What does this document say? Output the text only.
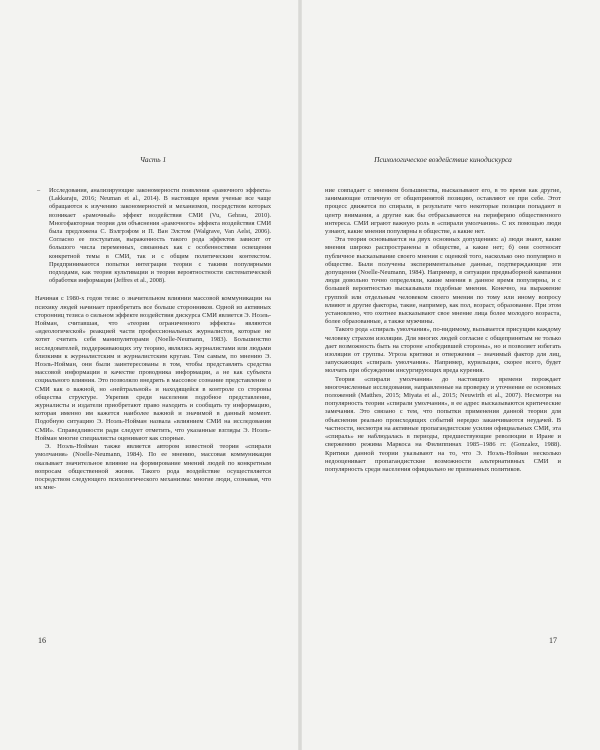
Часть 1
– Исследования, анализирующие закономерности появления «рамочного эффекта» (Lakkaraju, 2016; Neuman et al., 2014). В настоящее время ученые все чаще обращаются к изучению закономерностей и механизмов, посредством которых возникает «рамочный» эффект воздействия СМИ (Vu, Gehrau, 2010). Многофакторная теория для объяснения «рамочного» эффекта воздействия СМИ была предложена С. Вэлгрэфом и П. Ван Элстом (Walgrave, Van Aelst, 2006). Согласно ее постулатам, выраженность такого рода эффектов зависит от большого числа переменных, связанных как с особенностями освещения конкретной темы в СМИ, так и с общим политическим контекстом. Предпринимаются попытки интеграции теории с такими популярными подходами, как теория культивации и теория вероятностности систематической обработки информации (Jeffres et al., 2008).

Начиная с 1980-х годов тезис о значительном влиянии массовой коммуникации на психику людей начинает приобретать все больше сторонников. Одной из активных сторонниц тезиса о сильном эффекте воздействия дискурса СМИ является Э. Ноэль-Нойман, считавшая, что «теории ограниченного эффекта» являются «идеологической» реакцией части профессиональных журналистов, которые не хотят считать себя манипуляторами (Noelle-Neumann, 1983). Большинство исследователей, поддерживающих эту теорию, являлись журналистами или людьми близкими к журналистским и журналистским кругам. Тем самым, по мнению Э. Ноэль-Нойман, они были заинтересованы в том, чтобы представлять средства массовой информации в качестве проводника информации, а не как субъекта социального влияния. Это позволяло внедрять в массовое сознание представление о СМИ как о важной, но «нейтральной» и находящейся в контроле со стороны общества структуре. Укрепив среди населения подобное представление, журналисты и издатели приобретают право находить и сообщать ту информацию, которая именно им кажется наиболее важной и значимой в данный момент. Подобную ситуацию Э. Ноэль-Нойман назвала «влиянием СМИ на исследования СМИ». Справедливости ради следует отметить, что указанные взгляды Э. Ноэль-Нойман многие специалисты оценивают как спорные.

Э. Ноэль-Нойман также является автором известной теории «спирали умолчания» (Noelle-Neumann, 1984). По ее мнению, массовая коммуникация оказывает значительное влияние на формирование мнений людей по конкретным вопросам общественной жизни. Такого рода воздействие осуществляется посредством следующего психологического механизма: многие люди, сознавая, что их мне-

Психологическое воздействие кинодискурса

ние совпадает с мнением большинства, высказывают его, в то время как другие, занимающие отличную от общепринятой позицию, оставляют ее при себе. Этот процесс движется по спирали, в результате чего некоторые позиции попадают в центр внимания, а другие как бы отбрасываются на периферию общественного интереса. СМИ играют важную роль в «спирали умолчания». С их помощью люди узнают, какие мнения популярны в обществе, а какие нет.

Эта теория основывается на двух основных допущениях: а) люди знают, какие мнения широко распространены в обществе, а какие нет; б) они соотносят публичное высказывание своего мнения с оценкой того, насколько оно популярно в обществе. Были получены экспериментальные данные, подтверждающие эти допущения (Noelle-Neumann, 1984). Например, в ситуации предвыборной кампании люди довольно точно определяли, какие мнения в данное время популярны, и с большей вероятностью высказывали подобные мнения. Конечно, на выражение группой или отдельным человеком своего мнения по тому или иному вопросу влияют и другие факторы, такие, например, как пол, возраст, образование. При этом установлено, что охотнее высказывают свое мнение лица более молодого возраста, более образованные, а также мужчины.

Такого рода «спираль умолчания», по-видимому, вызывается присущим каждому человеку страхом изоляции. Для многих людей согласие с общепринятым не только дает возможность быть на стороне «победившей стороны», но и позволяет избегать изоляции от группы. Угроза критики и отвержения – значимый фактор для лиц, запускающих «спираль умолчания». Например, курильщик, скорее всего, будет молчать при обсуждении инсургирующих вреда курения.

Теория «спирали умолчания» до настоящего времени порождает многочисленные исследования, направленные на проверку и уточнение ее основных положений (Matthes, 2015; Miyata et al., 2015; Neuwirth et al., 2007). Несмотря на популярность теории «спирали умолчания», в ее адрес высказываются критические замечания. Это связано с тем, что попытки применения данной теории для объяснения реально происходящих событий нередко заканчиваются неудачей. В частности, несмотря на активные пропагандистские усилия официальных СМИ, эта «спираль» не наблюдалась в периоды, предшествующие революции в Иране и свержению режима Маркоса на Филиппинах 1985–1986 гг. (Gonzalez, 1988). Критики данной теории указывают на то, что Э. Ноэль-Нойман несколько недооценивает пропагандистские возможности альтернативных СМИ и популярность среди населения официально не признанных политиков.

16	17
